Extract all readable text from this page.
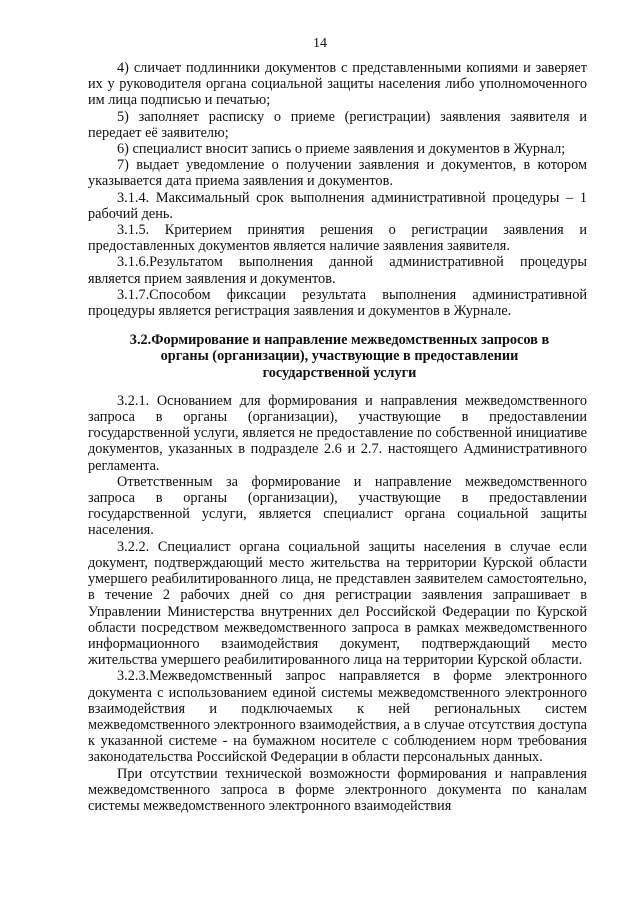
14

4) сличает подлинники документов с представленными копиями и заверяет их у руководителя органа социальной защиты населения либо уполномоченного им лица подписью и печатью;

5) заполняет расписку о приеме (регистрации) заявления заявителя и передает её заявителю;

6) специалист вносит запись о приеме заявления и документов в Журнал;

7) выдает уведомление о получении заявления и документов, в котором указывается дата приема заявления и документов.

3.1.4. Максимальный срок выполнения административной процедуры – 1 рабочий день.

3.1.5. Критерием принятия решения о регистрации заявления и предоставленных документов является наличие заявления заявителя.

3.1.6.Результатом выполнения данной административной процедуры является прием заявления и документов.

3.1.7.Способом фиксации результата выполнения административной процедуры является регистрация заявления и документов в Журнале.

3.2.Формирование и направление межведомственных запросов в органы (организации), участвующие в предоставлении государственной услуги

3.2.1. Основанием для формирования и направления межведомственного запроса в органы (организации), участвующие в предоставлении государственной услуги, является не предоставление по собственной инициативе документов, указанных в подразделе 2.6 и 2.7. настоящего Административного регламента.

Ответственным за формирование и направление межведомственного запроса в органы (организации), участвующие в предоставлении государственной услуги, является специалист органа социальной защиты населения.

3.2.2. Специалист органа социальной защиты населения в случае если документ, подтверждающий место жительства на территории Курской области умершего реабилитированного лица, не представлен заявителем самостоятельно, в течение 2 рабочих дней со дня регистрации заявления запрашивает в Управлении Министерства внутренних дел Российской Федерации по Курской области посредством межведомственного запроса в рамках межведомственного информационного взаимодействия документ, подтверждающий место жительства умершего реабилитированного лица на территории Курской области.

3.2.3.Межведомственный запрос направляется в форме электронного документа с использованием единой системы межведомственного электронного взаимодействия и подключаемых к ней региональных систем межведомственного электронного взаимодействия, а в случае отсутствия доступа к указанной системе - на бумажном носителе с соблюдением норм требования законодательства Российской Федерации в области персональных данных.

При отсутствии технической возможности формирования и направления межведомственного запроса в форме электронного документа по каналам системы межведомственного электронного взаимодействия
